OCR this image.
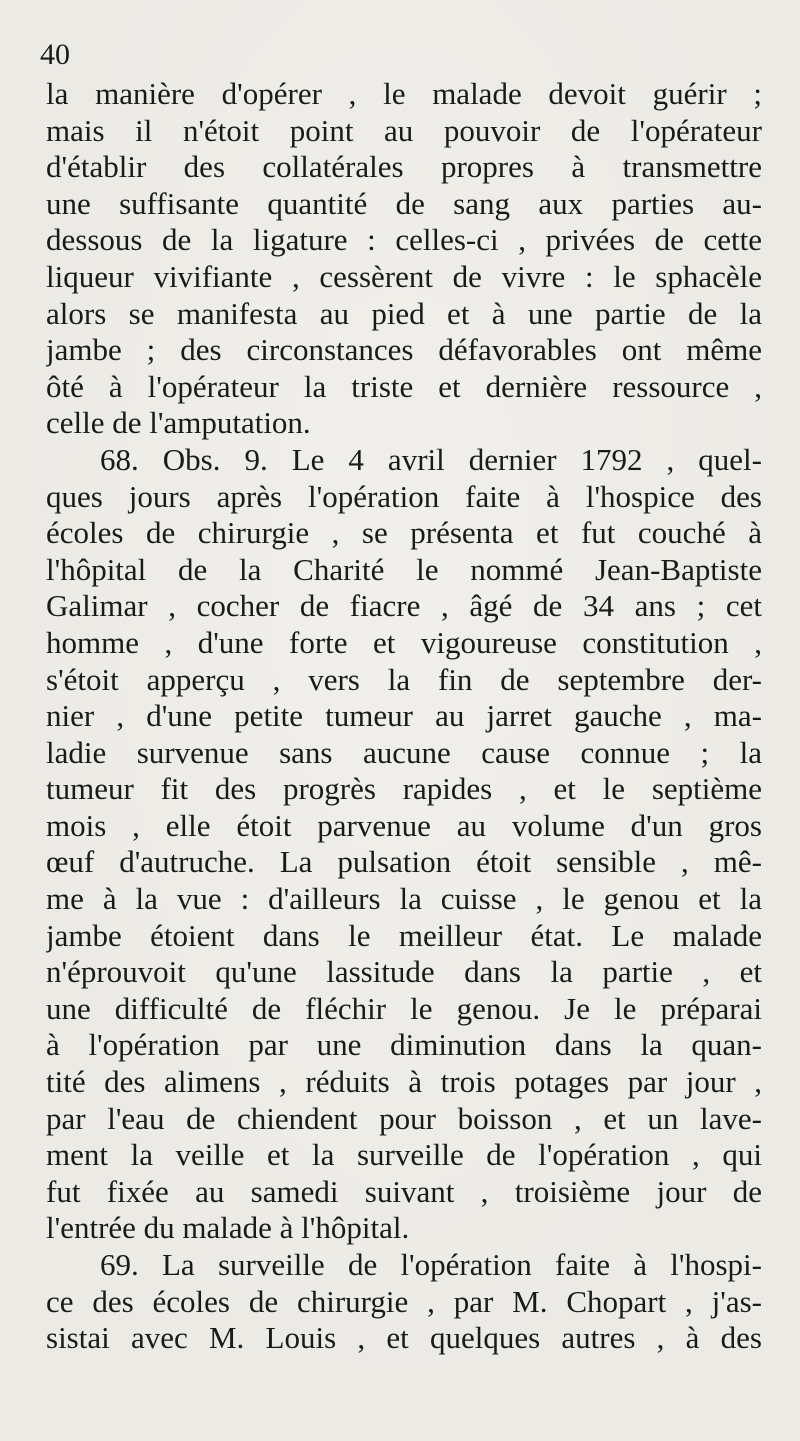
40
la manière d'opérer , le malade devoit guérir ;
mais il n'étoit point au pouvoir de l'opérateur
d'établir des collatérales propres à transmettre
une suffisante quantité de sang aux parties au-
dessous de la ligature : celles-ci , privées de cette
liqueur vivifiante , cessèrent de vivre : le sphacèle
alors se manifesta au pied et à une partie de la
jambe ; des circonstances défavorables ont même
ôté à l'opérateur la triste et dernière ressource ,
celle de l'amputation.
68. Obs. 9. Le 4 avril dernier 1792 , quel-
ques jours après l'opération faite à l'hospice des
écoles de chirurgie , se présenta et fut couché à
l'hôpital de la Charité le nommé Jean-Baptiste
Galimar , cocher de fiacre , âgé de 34 ans ; cet
homme , d'une forte et vigoureuse constitution ,
s'étoit apperçu , vers la fin de septembre der-
nier , d'une petite tumeur au jarret gauche , ma-
ladie survenue sans aucune cause connue ; la
tumeur fit des progrès rapides , et le septième
mois , elle étoit parvenue au volume d'un gros
œuf d'autruche. La pulsation étoit sensible , mê-
me à la vue : d'ailleurs la cuisse , le genou et la
jambe étoient dans le meilleur état. Le malade
n'éprouvoit qu'une lassitude dans la partie , et
une difficulté de fléchir le genou. Je le préparai
à l'opération par une diminution dans la quan-
tité des alimens , réduits à trois potages par jour ,
par l'eau de chiendent pour boisson , et un lave-
ment la veille et la surveille de l'opération , qui
fut fixée au samedi suivant , troisième jour de
l'entrée du malade à l'hôpital.
69. La surveille de l'opération faite à l'hospi-
ce des écoles de chirurgie , par M. Chopart , j'as-
sistai avec M. Louis , et quelques autres , à des
